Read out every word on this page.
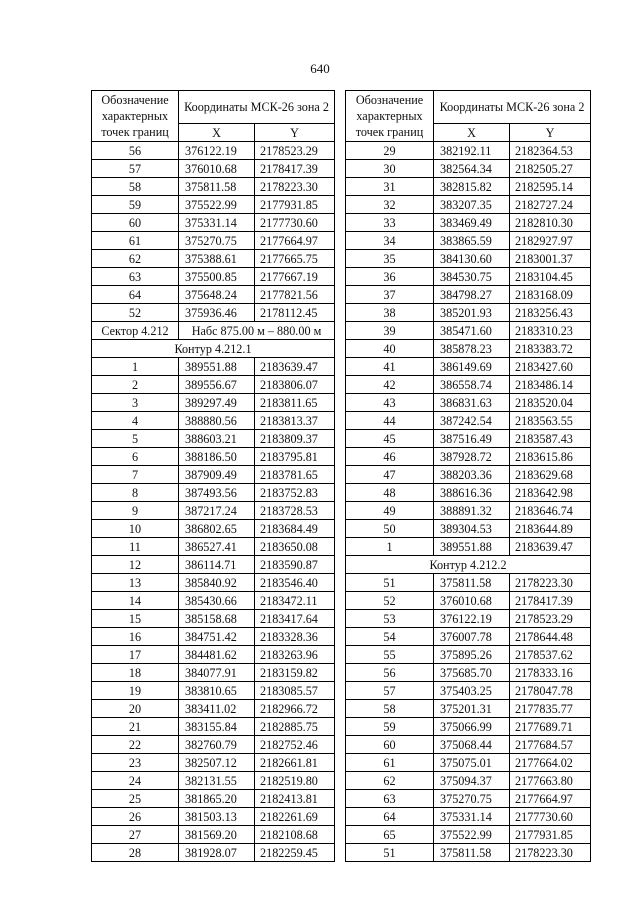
640
Обозначение характерных точек границ	Координаты МСК-26 зона 2	
	X	Y
56	376122.19	2178523.29
57	376010.68	2178417.39
58	375811.58	2178223.30
59	375522.99	2177931.85
60	375331.14	2177730.60
61	375270.75	2177664.97
62	375388.61	2177665.75
63	375500.85	2177667.19
64	375648.24	2177821.56
52	375936.46	2178112.45
Сектор 4.212	Набс 875.00 м – 880.00 м	
Контур 4.212.1		
1	389551.88	2183639.47
2	389556.67	2183806.07
3	389297.49	2183811.65
4	388880.56	2183813.37
5	388603.21	2183809.37
6	388186.50	2183795.81
7	387909.49	2183781.65
8	387493.56	2183752.83
9	387217.24	2183728.53
10	386802.65	2183684.49
11	386527.41	2183650.08
12	386114.71	2183590.87
13	385840.92	2183546.40
14	385430.66	2183472.11
15	385158.68	2183417.64
16	384751.42	2183328.36
17	384481.62	2183263.96
18	384077.91	2183159.82
19	383810.65	2183085.57
20	383411.02	2182966.72
21	383155.84	2182885.75
22	382760.79	2182752.46
23	382507.12	2182661.81
24	382131.55	2182519.80
25	381865.20	2182413.81
26	381503.13	2182261.69
27	381569.20	2182108.68
28	381928.07	2182259.45
Обозначение характерных точек границ	Координаты МСК-26 зона 2	
	X	Y
29	382192.11	2182364.53
30	382564.34	2182505.27
31	382815.82	2182595.14
32	383207.35	2182727.24
33	383469.49	2182810.30
34	383865.59	2182927.97
35	384130.60	2183001.37
36	384530.75	2183104.45
37	384798.27	2183168.09
38	385201.93	2183256.43
39	385471.60	2183310.23
40	385878.23	2183383.72
41	386149.69	2183427.60
42	386558.74	2183486.14
43	386831.63	2183520.04
44	387242.54	2183563.55
45	387516.49	2183587.43
46	387928.72	2183615.86
47	388203.36	2183629.68
48	388616.36	2183642.98
49	388891.32	2183646.74
50	389304.53	2183644.89
1	389551.88	2183639.47
Контур 4.212.2		
51	375811.58	2178223.30
52	376010.68	2178417.39
53	376122.19	2178523.29
54	376007.78	2178644.48
55	375895.26	2178537.62
56	375685.70	2178333.16
57	375403.25	2178047.78
58	375201.31	2177835.77
59	375066.99	2177689.71
60	375068.44	2177684.57
61	375075.01	2177664.02
62	375094.37	2177663.80
63	375270.75	2177664.97
64	375331.14	2177730.60
65	375522.99	2177931.85
51	375811.58	2178223.30
